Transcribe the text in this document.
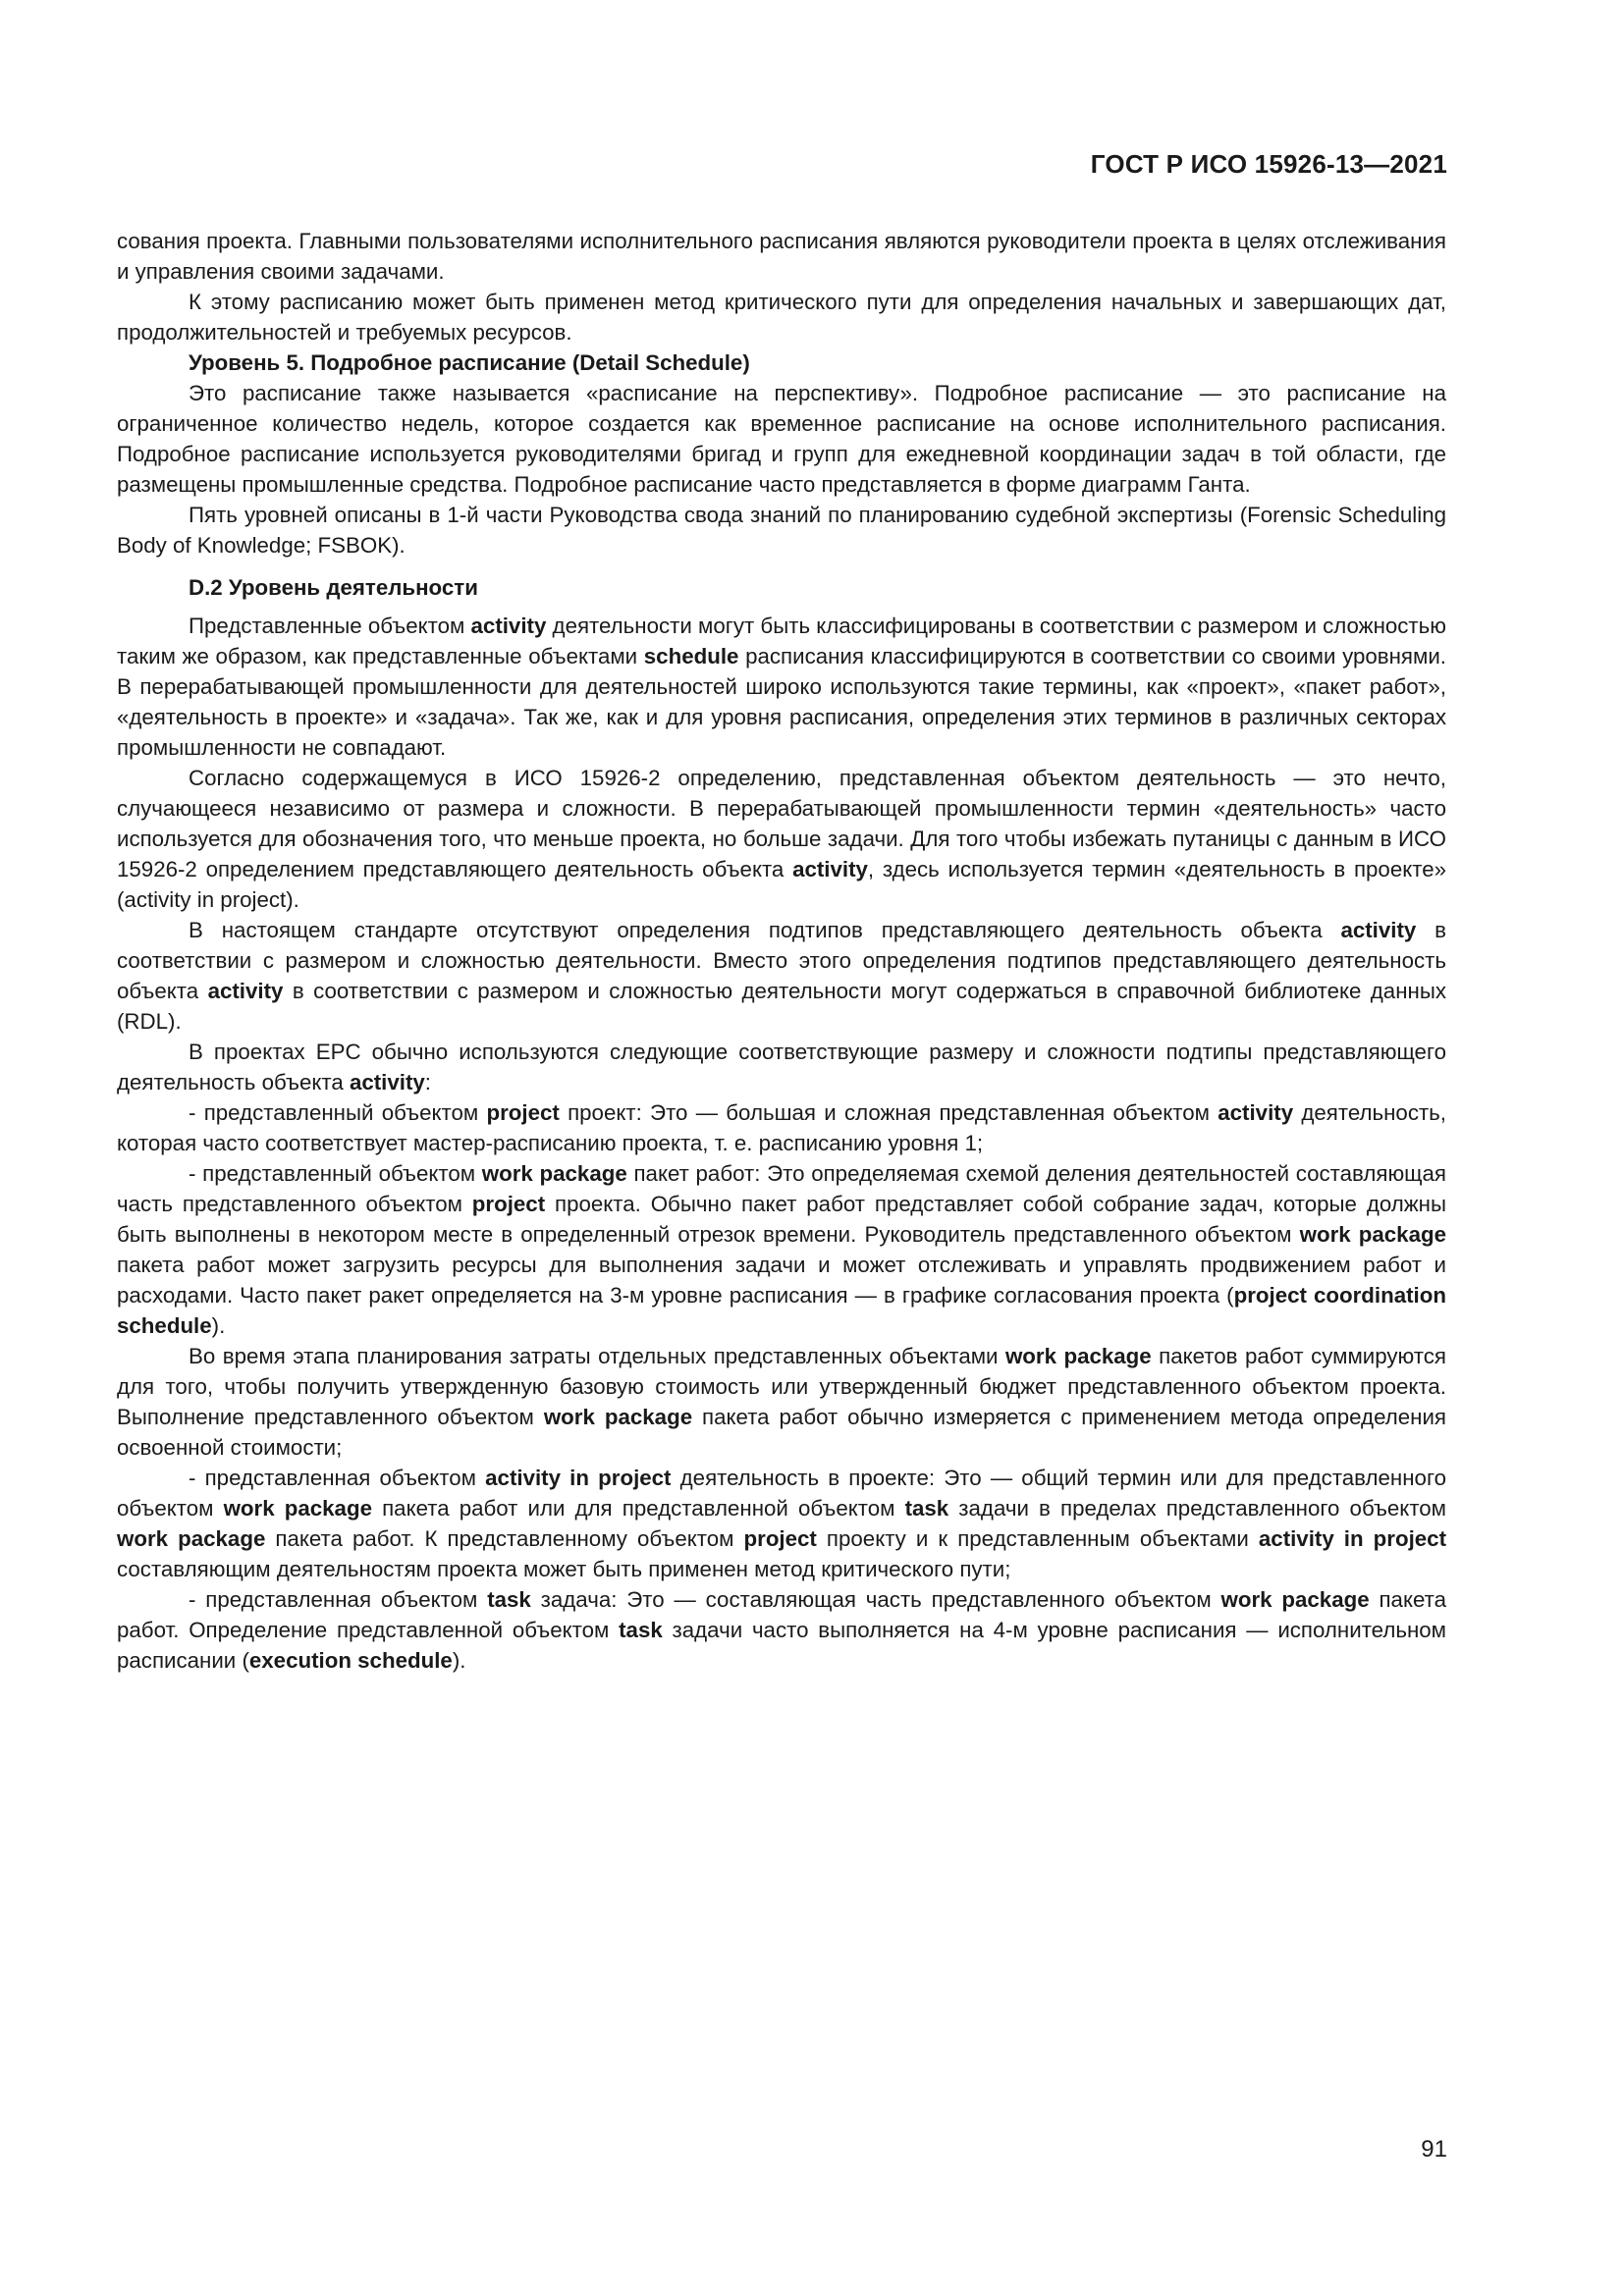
ГОСТ Р ИСО 15926-13—2021

сования проекта. Главными пользователями исполнительного расписания являются руководители проекта в целях отслеживания и управления своими задачами.

К этому расписанию может быть применен метод критического пути для определения начальных и завершающих дат, продолжительностей и требуемых ресурсов.

Уровень 5. Подробное расписание (Detail Schedule)

Это расписание также называется «расписание на перспективу». Подробное расписание — это расписание на ограниченное количество недель, которое создается как временное расписание на основе исполнительного расписания. Подробное расписание используется руководителями бригад и групп для ежедневной координации задач в той области, где размещены промышленные средства. Подробное расписание часто представляется в форме диаграмм Ганта.

Пять уровней описаны в 1-й части Руководства свода знаний по планированию судебной экспертизы (Forensic Scheduling Body of Knowledge; FSBOK).

D.2 Уровень деятельности

Представленные объектом activity деятельности могут быть классифицированы в соответствии с размером и сложностью таким же образом, как представленные объектами schedule расписания классифицируются в соответствии со своими уровнями. В перерабатывающей промышленности для деятельностей широко используются такие термины, как «проект», «пакет работ», «деятельность в проекте» и «задача». Так же, как и для уровня расписания, определения этих терминов в различных секторах промышленности не совпадают.

Согласно содержащемуся в ИСО 15926-2 определению, представленная объектом деятельность — это нечто, случающееся независимо от размера и сложности. В перерабатывающей промышленности термин «деятельность» часто используется для обозначения того, что меньше проекта, но больше задачи. Для того чтобы избежать путаницы с данным в ИСО 15926-2 определением представляющего деятельность объекта activity, здесь используется термин «деятельность в проекте» (activity in project).

В настоящем стандарте отсутствуют определения подтипов представляющего деятельность объекта activity в соответствии с размером и сложностью деятельности. Вместо этого определения подтипов представляющего деятельность объекта activity в соответствии с размером и сложностью деятельности могут содержаться в справочной библиотеке данных (RDL).

В проектах EPC обычно используются следующие соответствующие размеру и сложности подтипы представляющего деятельность объекта activity:

- представленный объектом project проект: Это — большая и сложная представленная объектом activity деятельность, которая часто соответствует мастер-расписанию проекта, т. е. расписанию уровня 1;

- представленный объектом work package пакет работ: Это определяемая схемой деления деятельностей составляющая часть представленного объектом project проекта. Обычно пакет работ представляет собой собрание задач, которые должны быть выполнены в некотором месте в определенный отрезок времени. Руководитель представленного объектом work package пакета работ может загрузить ресурсы для выполнения задачи и может отслеживать и управлять продвижением работ и расходами. Часто пакет ракет определяется на 3-м уровне расписания — в графике согласования проекта (project coordination schedule).

Во время этапа планирования затраты отдельных представленных объектами work package пакетов работ суммируются для того, чтобы получить утвержденную базовую стоимость или утвержденный бюджет представленного объектом проекта. Выполнение представленного объектом work package пакета работ обычно измеряется с применением метода определения освоенной стоимости;

- представленная объектом activity in project деятельность в проекте: Это — общий термин или для представленного объектом work package пакета работ или для представленной объектом task задачи в пределах представленного объектом work package пакета работ. К представленному объектом project проекту и к представленным объектами activity in project составляющим деятельностям проекта может быть применен метод критического пути;

- представленная объектом task задача: Это — составляющая часть представленного объектом work package пакета работ. Определение представленной объектом task задачи часто выполняется на 4-м уровне расписания — исполнительном расписании (execution schedule).

91
